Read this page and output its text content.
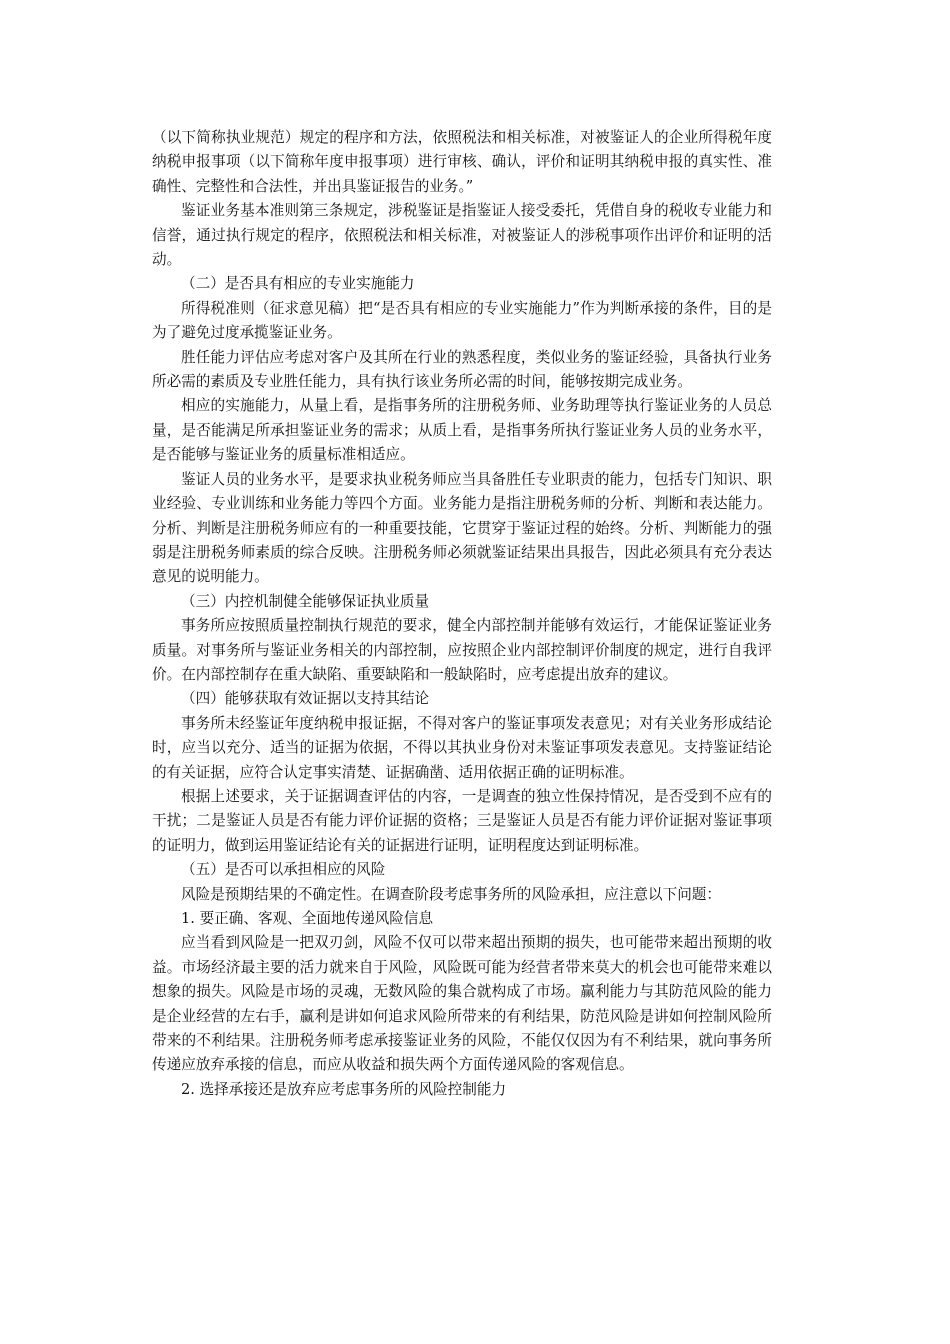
（以下简称执业规范）规定的程序和方法，依照税法和相关标准，对被鉴证人的企业所得税年度纳税申报事项（以下简称年度申报事项）进行审核、确认，评价和证明其纳税申报的真实性、准确性、完整性和合法性，并出具鉴证报告的业务。”

鉴证业务基本准则第三条规定，涉税鉴证是指鉴证人接受委托，凭借自身的税收专业能力和信誉，通过执行规定的程序，依照税法和相关标准，对被鉴证人的涉税事项作出评价和证明的活动。

（二）是否具有相应的专业实施能力

所得税准则（征求意见稿）把“是否具有相应的专业实施能力”作为判断承接的条件，目的是为了避免过度承揽鉴证业务。

胜任能力评估应考虑对客户及其所在行业的熟悉程度，类似业务的鉴证经验，具备执行业务所必需的素质及专业胜任能力，具有执行该业务所必需的时间，能够按期完成业务。

相应的实施能力，从量上看，是指事务所的注册税务师、业务助理等执行鉴证业务的人员总量，是否能满足所承担鉴证业务的需求；从质上看，是指事务所执行鉴证业务人员的业务水平，是否能够与鉴证业务的质量标准相适应。

鉴证人员的业务水平，是要求执业税务师应当具备胜任专业职责的能力，包括专门知识、职业经验、专业训练和业务能力等四个方面。业务能力是指注册税务师的分析、判断和表达能力。分析、判断是注册税务师应有的一种重要技能，它贯穿于鉴证过程的始终。分析、判断能力的强弱是注册税务师素质的综合反映。注册税务师必须就鉴证结果出具报告，因此必须具有充分表达意见的说明能力。

（三）内控机制健全能够保证执业质量

事务所应按照质量控制执行规范的要求，健全内部控制并能够有效运行，才能保证鉴证业务质量。对事务所与鉴证业务相关的内部控制，应按照企业内部控制评价制度的规定，进行自我评价。在内部控制存在重大缺陷、重要缺陷和一般缺陷时，应考虑提出放弃的建议。

（四）能够获取有效证据以支持其结论

事务所未经鉴证年度纳税申报证据，不得对客户的鉴证事项发表意见；对有关业务形成结论时，应当以充分、适当的证据为依据，不得以其执业身份对未鉴证事项发表意见。支持鉴证结论的有关证据，应符合认定事实清楚、证据确凿、适用依据正确的证明标准。

根据上述要求，关于证据调查评估的内容，一是调查的独立性保持情况，是否受到不应有的干扰；二是鉴证人员是否有能力评价证据的资格；三是鉴证人员是否有能力评价证据对鉴证事项的证明力，做到运用鉴证结论有关的证据进行证明，证明程度达到证明标准。

（五）是否可以承担相应的风险

风险是预期结果的不确定性。在调查阶段考虑事务所的风险承担，应注意以下问题：

1. 要正确、客观、全面地传递风险信息

应当看到风险是一把双刃剑，风险不仅可以带来超出预期的损失，也可能带来超出预期的收益。市场经济最主要的活力就来自于风险，风险既可能为经营者带来莫大的机会也可能带来难以想象的损失。风险是市场的灵魂，无数风险的集合就构成了市场。赢利能力与其防范风险的能力是企业经营的左右手，赢利是讲如何追求风险所带来的有利结果，防范风险是讲如何控制风险所带来的不利结果。注册税务师考虑承接鉴证业务的风险，不能仅仅因为有不利结果，就向事务所传递应放弃承接的信息，而应从收益和损失两个方面传递风险的客观信息。

2. 选择承接还是放弃应考虑事务所的风险控制能力
